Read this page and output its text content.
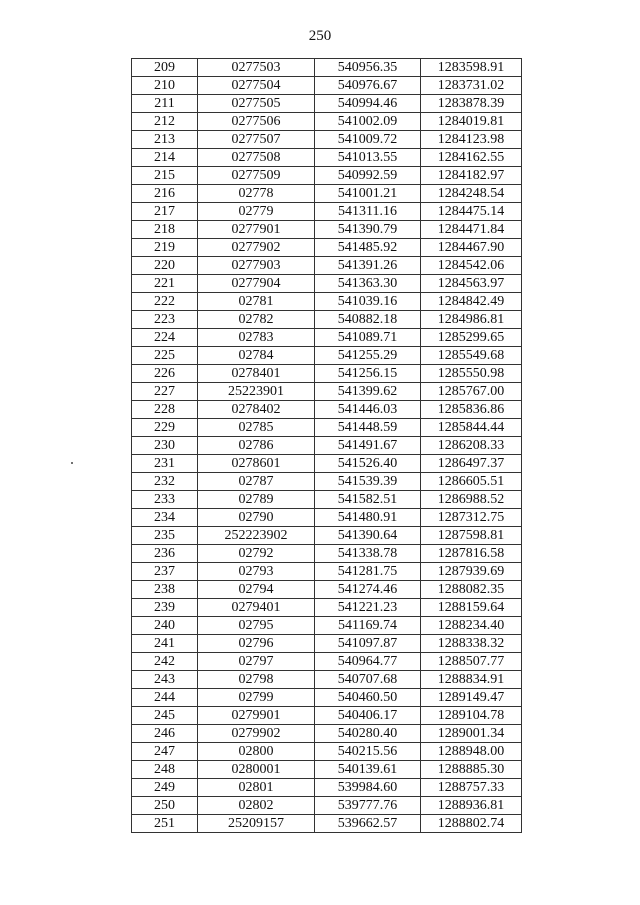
250
209	0277503	540956.35	1283598.91
210	0277504	540976.67	1283731.02
211	0277505	540994.46	1283878.39
212	0277506	541002.09	1284019.81
213	0277507	541009.72	1284123.98
214	0277508	541013.55	1284162.55
215	0277509	540992.59	1284182.97
216	02778	541001.21	1284248.54
217	02779	541311.16	1284475.14
218	0277901	541390.79	1284471.84
219	0277902	541485.92	1284467.90
220	0277903	541391.26	1284542.06
221	0277904	541363.30	1284563.97
222	02781	541039.16	1284842.49
223	02782	540882.18	1284986.81
224	02783	541089.71	1285299.65
225	02784	541255.29	1285549.68
226	0278401	541256.15	1285550.98
227	25223901	541399.62	1285767.00
228	0278402	541446.03	1285836.86
229	02785	541448.59	1285844.44
230	02786	541491.67	1286208.33
231	0278601	541526.40	1286497.37
232	02787	541539.39	1286605.51
233	02789	541582.51	1286988.52
234	02790	541480.91	1287312.75
235	252223902	541390.64	1287598.81
236	02792	541338.78	1287816.58
237	02793	541281.75	1287939.69
238	02794	541274.46	1288082.35
239	0279401	541221.23	1288159.64
240	02795	541169.74	1288234.40
241	02796	541097.87	1288338.32
242	02797	540964.77	1288507.77
243	02798	540707.68	1288834.91
244	02799	540460.50	1289149.47
245	0279901	540406.17	1289104.78
246	0279902	540280.40	1289001.34
247	02800	540215.56	1288948.00
248	0280001	540139.61	1288885.30
249	02801	539984.60	1288757.33
250	02802	539777.76	1288936.81
251	25209157	539662.57	1288802.74
